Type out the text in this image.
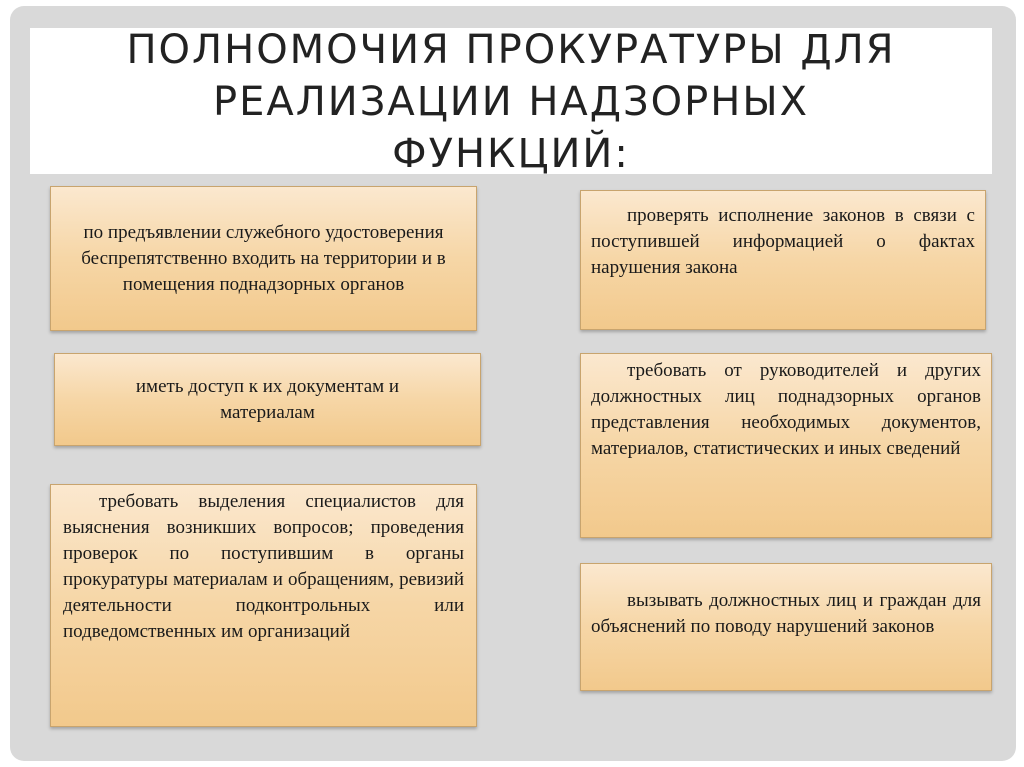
ПОЛНОМОЧИЯ ПРОКУРАТУРЫ ДЛЯ
РЕАЛИЗАЦИИ НАДЗОРНЫХ
ФУНКЦИЙ:
по предъявлении служебного удостоверения беспрепятственно входить на территории и в помещения поднадзорных органов
иметь доступ к их документам и материалам
требовать выделения специалистов для выяснения возникших вопросов; проведения проверок по поступившим в органы прокуратуры материалам и обращениям, ревизий деятельности подконтрольных или подведомственных им организаций
проверять исполнение законов в связи с поступившей информацией о фактах нарушения закона
требовать от руководителей и других должностных лиц поднадзорных органов представления необходимых документов, материалов, статистических и иных сведений
вызывать должностных лиц и граждан для объяснений по поводу нарушений законов
